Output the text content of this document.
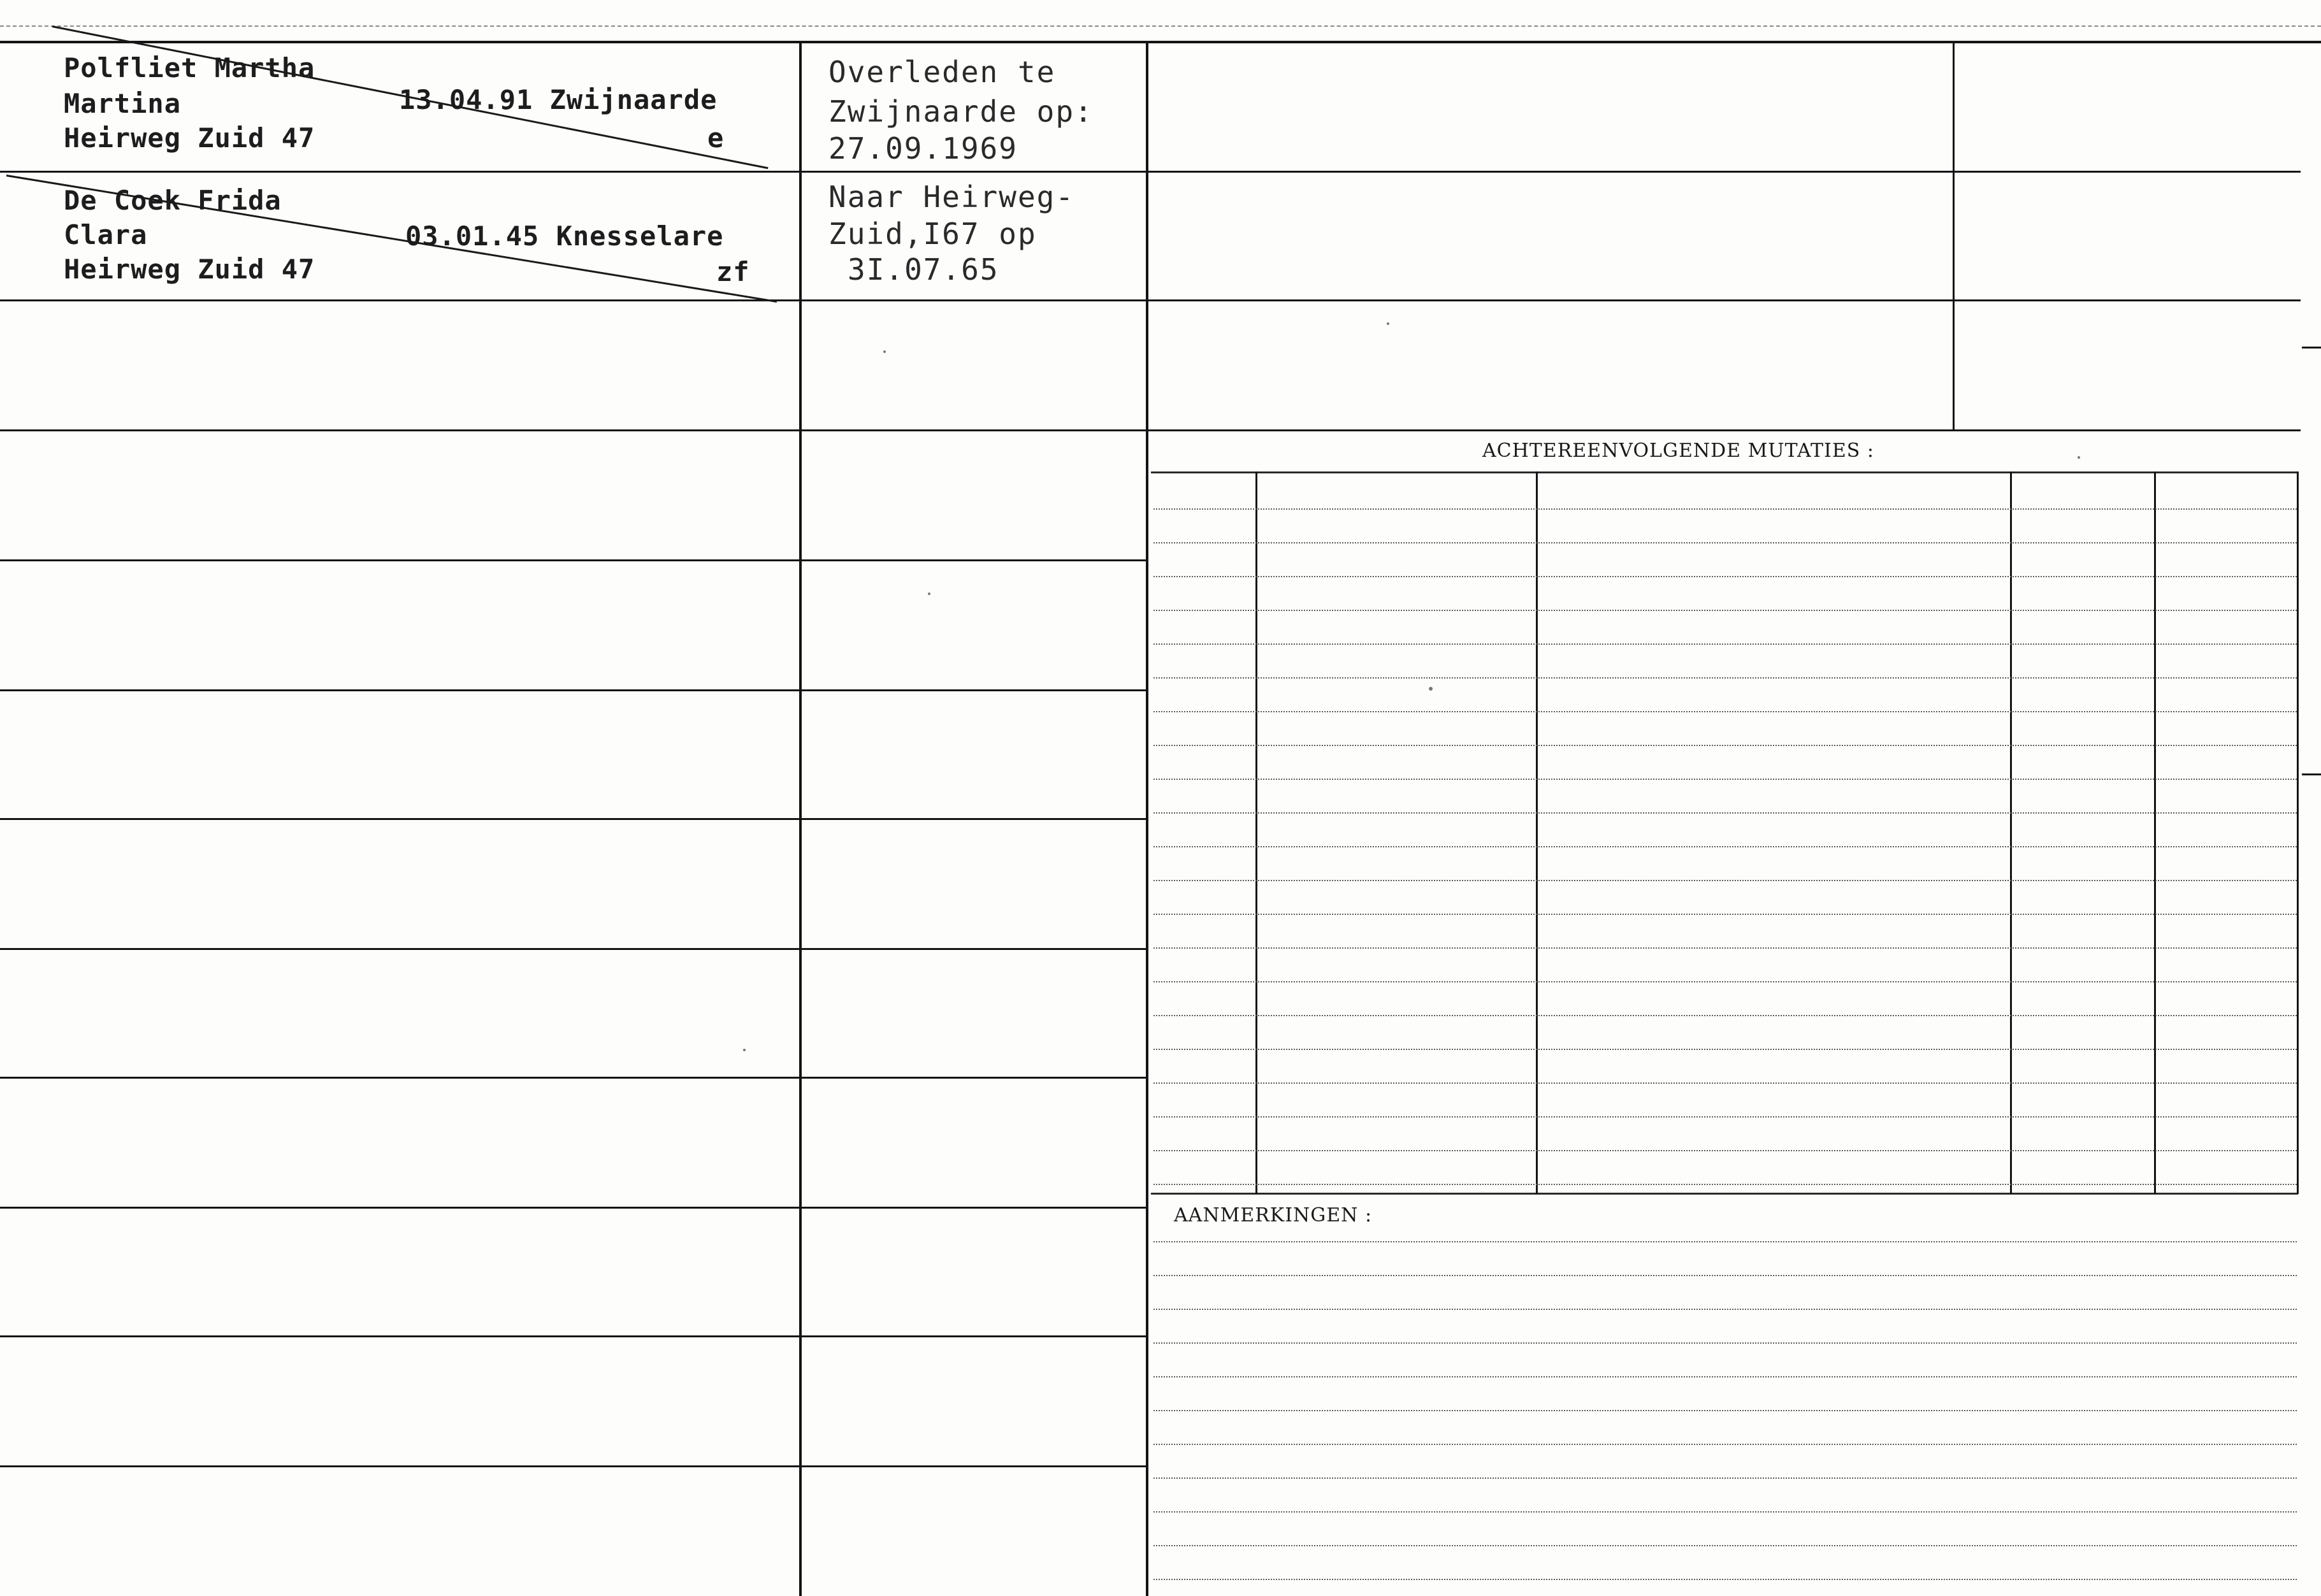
Polfliet Martha
Martina	13.04.91 Zwijnaarde
Heirweg Zuid 47	e
Overleden te
Zwijnaarde op:
27.09.1969
De Coek Frida
Clara	03.01.45 Knesselare
Heirweg Zuid 47	zf
Naar Heirweg-
Zuid,I67 op
3I.07.65
ACHTEREENVOLGENDE MUTATIES :
AANMERKINGEN :
